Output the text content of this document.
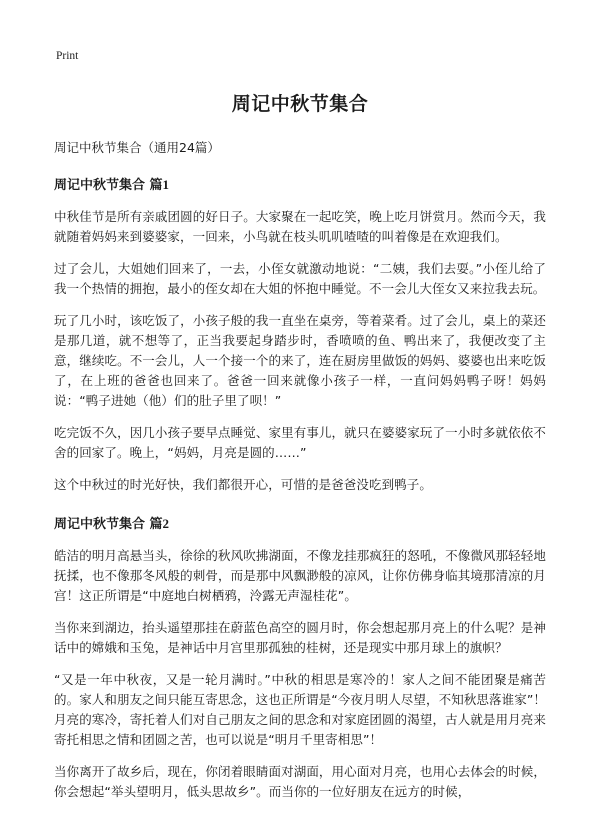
Print
周记中秋节集合
周记中秋节集合（通用24篇）
周记中秋节集合 篇1

中秋佳节是所有亲戚团圆的好日子。大家聚在一起吃笑，晚上吃月饼赏月。然而今天，我就随着妈妈来到婆婆家，一回来，小鸟就在枝头叽叽喳喳的叫着像是在欢迎我们。

过了会儿，大姐她们回来了，一去，小侄女就激动地说：“二姨，我们去耍。”小侄儿给了我一个热情的拥抱，最小的侄女却在大姐的怀抱中睡觉。不一会儿大侄女又来拉我去玩。

玩了几小时，该吃饭了，小孩子般的我一直坐在桌旁，等着菜肴。过了会儿，桌上的菜还是那几道，就不想等了，正当我要起身踏步时，香喷喷的鱼、鸭出来了，我便改变了主意，继续吃。不一会儿，人一个接一个的来了，连在厨房里做饭的妈妈、婆婆也出来吃饭了，在上班的爸爸也回来了。爸爸一回来就像小孩子一样，一直问妈妈鸭子呀！妈妈说：“鸭子进她（他）们的肚子里了呗！”

吃完饭不久，因几小孩子要早点睡觉、家里有事儿，就只在婆婆家玩了一小时多就依依不舍的回家了。晚上，“妈妈，月亮是圆的……”

这个中秋过的时光好快，我们都很开心，可惜的是爸爸没吃到鸭子。

周记中秋节集合 篇2

皓洁的明月高悬当头，徐徐的秋风吹拂湖面，不像龙挂那疯狂的怒吼，不像微风那轻轻地抚揉，也不像那冬风般的刺骨，而是那中风飘渺般的凉风，让你仿佛身临其境那清凉的月宫！这正所谓是“中庭地白树栖鸦，泠露无声湿桂花”。

当你来到湖边，抬头遥望那挂在蔚蓝色高空的圆月时，你会想起那月亮上的什么呢？是神话中的嫦娥和玉兔，是神话中月宫里那孤独的桂树，还是现实中那月球上的旗帜？

“又是一年中秋夜，又是一轮月满时。”中秋的相思是寒冷的！家人之间不能团聚是痛苦的。家人和朋友之间只能互寄思念，这也正所谓是“今夜月明人尽望，不知秋思落谁家”！月亮的寒冷，寄托着人们对自己朋友之间的思念和对家庭团圆的渴望，古人就是用月亮来寄托相思之情和团圆之苦，也可以说是“明月千里寄相思”！

当你离开了故乡后，现在，你闭着眼睛面对湖面，用心面对月亮，也用心去体会的时候，你会想起“举头望明月，低头思故乡”。而当你的一位好朋友在远方的时候，
